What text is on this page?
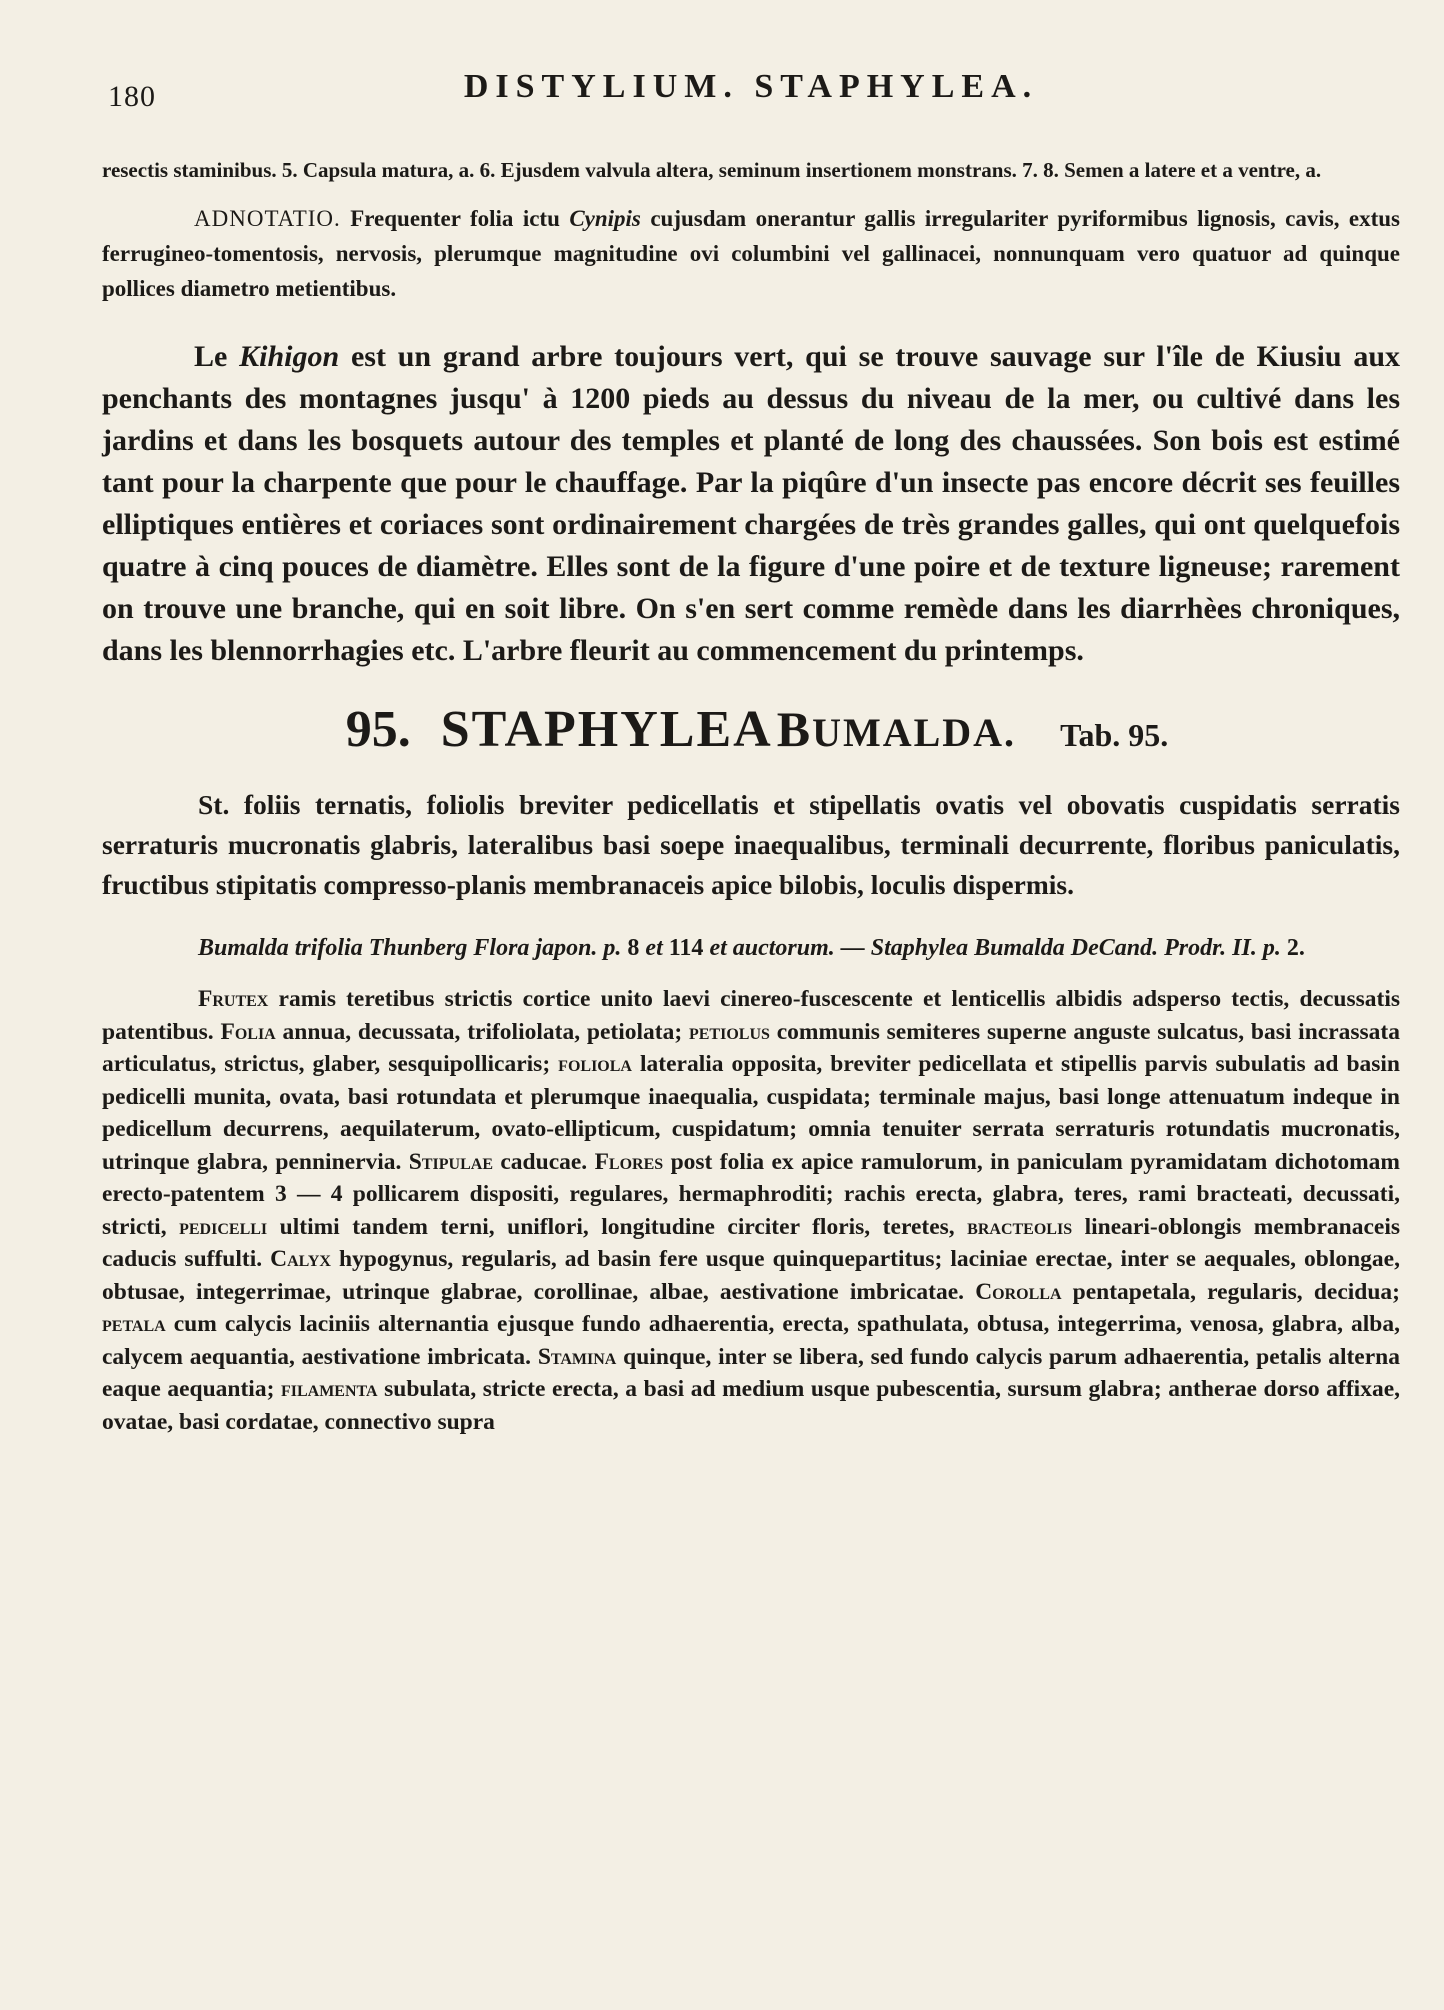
180	DISTYLIUM. STAPHYLEA.

resectis staminibus. 5. Capsula matura, a. 6. Ejusdem valvula altera, seminum insertionem monstrans. 7. 8. Semen a latere et a ventre, a.

ADNOTATIO. Frequenter folia ictu Cynipis cujusdam onerantur gallis irregulariter pyriformibus lignosis, cavis, extus ferrugineo-tomentosis, nervosis, plerumque magnitudine ovi columbini vel gallinacei, nonnunquam vero quatuor ad quinque pollices diametro metientibus.

Le Kihigon est un grand arbre toujours vert, qui se trouve sauvage sur l'île de Kiusiu aux penchants des montagnes jusqu' à 1200 pieds au dessus du niveau de la mer, ou cultivé dans les jardins et dans les bosquets autour des temples et planté de long des chaussées. Son bois est estimé tant pour la charpente que pour le chauffage. Par la piqûre d'un insecte pas encore décrit ses feuilles elliptiques entières et coriaces sont ordinairement chargées de très grandes galles, qui ont quelquefois quatre à cinq pouces de diamètre. Elles sont de la figure d'une poire et de texture ligneuse; rarement on trouve une branche, qui en soit libre. On s'en sert comme remède dans les diarrhèes chroniques, dans les blennorrhagies etc. L'arbre fleurit au commencement du printemps.

95. STAPHYLEA BUMALDA. Tab. 95.

St. foliis ternatis, foliolis breviter pedicellatis et stipellatis ovatis vel obovatis cuspidatis serratis serraturis mucronatis glabris, lateralibus basi soepe inaequalibus, terminali decurrente, floribus paniculatis, fructibus stipitatis compresso-planis membranaceis apice bilobis, loculis dispermis.

Bumalda trifolia Thunberg Flora japon. p. 8 et 114 et auctorum. — Staphylea Bumalda DeCand. Prodr. II. p. 2.

Frutex ramis teretibus strictis cortice unito laevi cinereo-fuscescente et lenticellis albidis adsperso tectis, decussatis patentibus. Folia annua, decussata, trifoliolata, petiolata; petiolus communis semiteres superne anguste sulcatus, basi incrassata articulatus, strictus, glaber, sesquipollicaris; foliola lateralia opposita, breviter pedicellata et stipellis parvis subulatis ad basin pedicelli munita, ovata, basi rotundata et plerumque inaequalia, cuspidata; terminale majus, basi longe attenuatum indeque in pedicellum decurrens, aequilaterum, ovato-ellipticum, cuspidatum; omnia tenuiter serrata serraturis rotundatis mucronatis, utrinque glabra, penninervia. Stipulae caducae. Flores post folia ex apice ramulorum, in paniculam pyramidatam dichotomam erecto-patentem 3 — 4 pollicarem dispositi, regulares, hermaphroditi; rachis erecta, glabra, teres, rami bracteati, decussati, stricti, pedicelli ultimi tandem terni, uniflori, longitudine circiter floris, teretes, bracteolis lineari-oblongis membranaceis caducis suffulti. Calyx hypogynus, regularis, ad basin fere usque quinquepartitus; laciniae erectae, inter se aequales, oblongae, obtusae, integerrimae, utrinque glabrae, corollinae, albae, aestivatione imbricatae. Corolla pentapetala, regularis, decidua; petala cum calycis laciniis alternantia ejusque fundo adhaerentia, erecta, spathulata, obtusa, integerrima, venosa, glabra, alba, calycem aequantia, aestivatione imbricata. Stamina quinque, inter se libera, sed fundo calycis parum adhaerentia, petalis alterna eaque aequantia; filamenta subulata, stricte erecta, a basi ad medium usque pubescentia, sursum glabra; antherae dorso affixae, ovatae, basi cordatae, connectivo supra
